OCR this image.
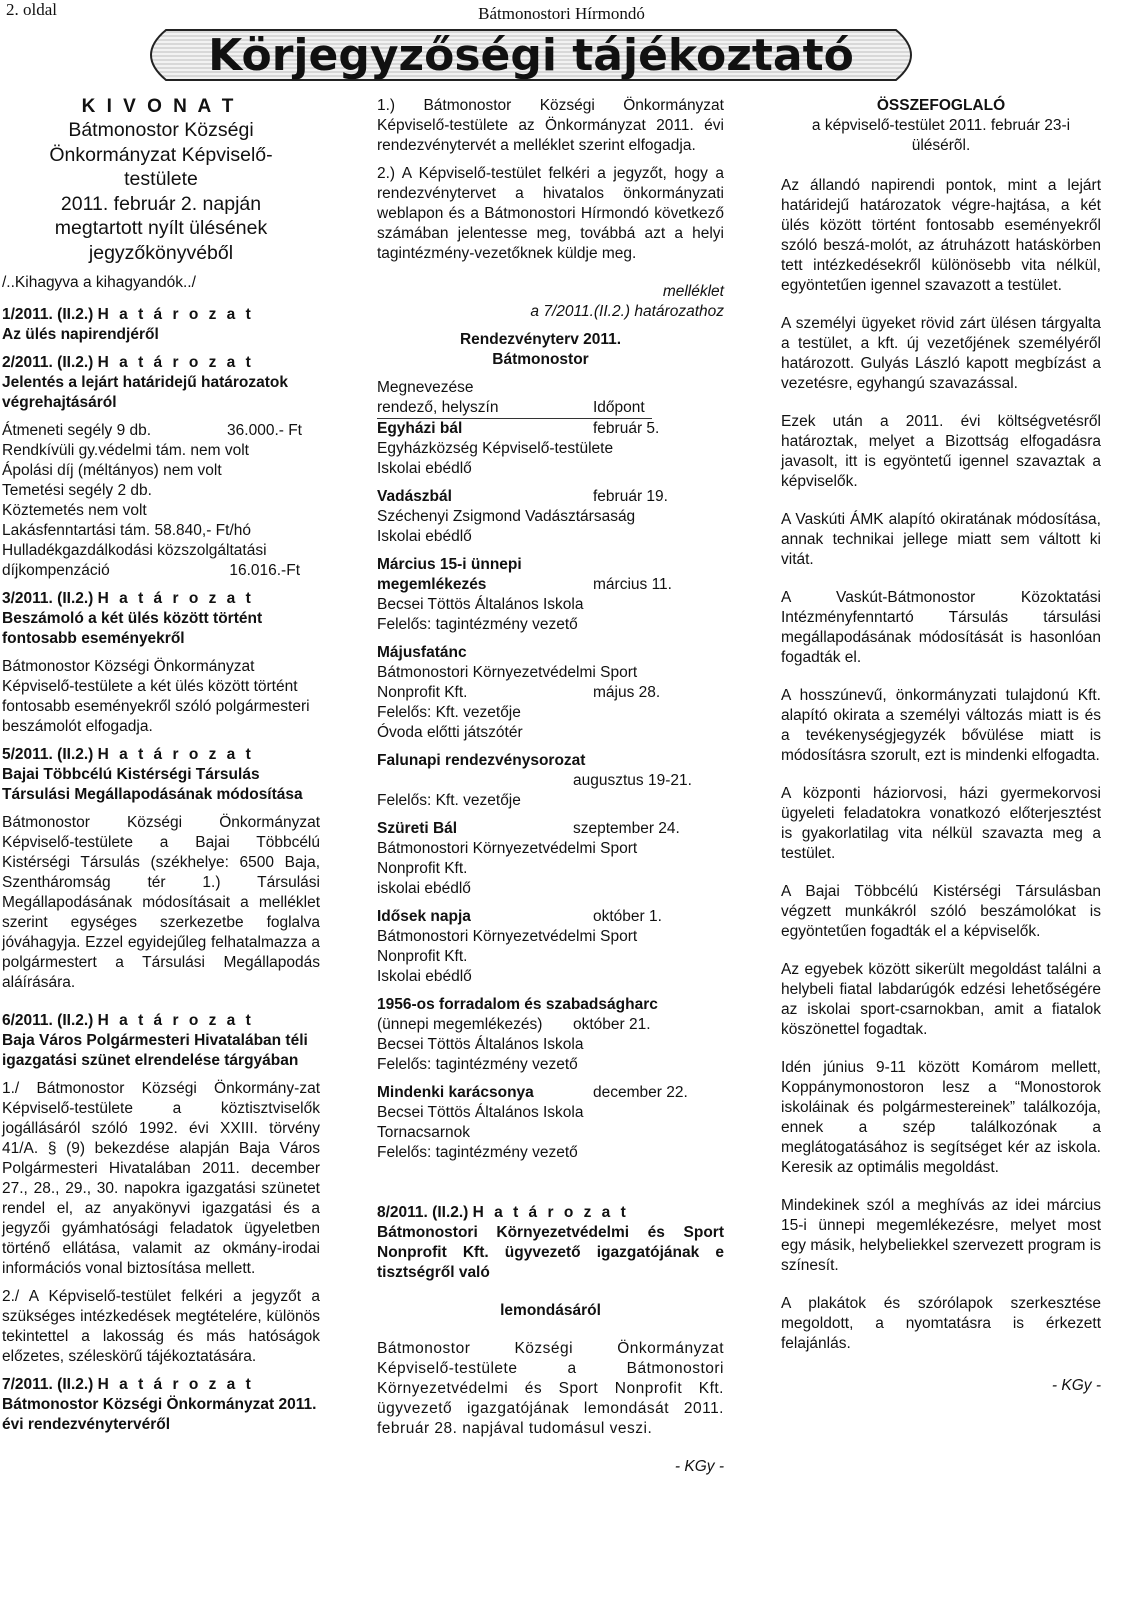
2. oldal	Bátmonostori Hírmondó
Körjegyzőségi tájékoztató

K I V O N A T

Bátmonostor Községi
Önkormányzat Képviselő-
testülete
2011. február 2. napján
megtartott nyílt ülésének
jegyzőkönyvéből

/..Kihagyva a kihagyandók../

1/2011. (II.2.) H a t á r o z a t
Az ülés napirendjéről
2/2011. (II.2.) H a t á r o z a t
Jelentés a lejárt határidejű határozatok végrehajtásáról
Átmeneti segély 9 db.	36.000.- Ft
Rendkívüli gy.védelmi tám. nem volt
Ápolási díj (méltányos) nem volt
Temetési segély 2 db.
Köztemetés nem volt
Lakásfenntartási tám. 58.840,- Ft/hó
Hulladékgazdálkodási közszolgáltatási
díjkompenzáció	16.016.-Ft
3/2011. (II.2.) H a t á r o z a t
Beszámoló a két ülés között történt fontosabb eseményekről

Bátmonostor Községi Önkormányzat Képviselő-testülete a két ülés között történt fontosabb eseményekről szóló polgármesteri beszámolót elfogadja.

5/2011. (II.2.) H a t á r o z a t
Bajai Többcélú Kistérségi Társulás Társulási Megállapodásának módosítása

Bátmonostor Községi Önkormányzat Képviselő-testülete a Bajai Többcélú Kistérségi Társulás (székhelye: 6500 Baja, Szentháromság tér 1.) Társulási Megállapodásának módosításait a melléklet szerint egységes szerkezetbe foglalva jóváhagyja. Ezzel egyidejűleg felhatalmazza a polgármestert a Társulási Megállapodás aláírására.

6/2011. (II.2.) H a t á r o z a t
Baja Város Polgármesteri Hivatalában téli igazgatási szünet elrendelése tárgyában

1./ Bátmonostor Községi Önkormány-zat Képviselő-testülete a köztisztviselők jogállásáról szóló 1992. évi XXIII. törvény 41/A. § (9) bekezdése alapján Baja Város Polgármesteri Hivatalában 2011. december 27., 28., 29., 30. napokra igazgatási szünetet rendel el, az anyakönyvi igazgatási és a jegyzői gyámhatósági feladatok ügyeletben történő ellátása, valamit az okmány-irodai információs vonal biztosítása mellett.

2./ A Képviselő-testület felkéri a jegyzőt a szükséges intézkedések megtételére, különös tekintettel a lakosság és más hatóságok előzetes, széleskörű tájékoztatására.

7/2011. (II.2.) H a t á r o z a t
Bátmonostor Községi Önkormányzat 2011. évi rendezvénytervéről

1.) Bátmonostor Községi Önkormányzat Képviselő-testülete az Önkormányzat 2011. évi rendezvénytervét a melléklet szerint elfogadja.

2.) A Képviselő-testület felkéri a jegyzőt, hogy a rendezvénytervet a hivatalos önkormányzati weblapon és a Bátmonostori Hírmondó következő számában jelentesse meg, továbbá azt a helyi tagintézmény-vezetőknek küldje meg.

melléklet

a 7/2011.(II.2.) határozathoz

Rendezvényterv 2011.

Bátmonostor

Megnevezése
rendező, helyszín	Időpont
Egyházi bál	február 5.
Egyházközség Képviselő-testülete
Iskolai ebédlő
Vadászbál	február 19.
Széchenyi Zsigmond Vadásztársaság
Iskolai ebédlő
Március 15-i ünnepi
megemlékezés	március 11.
Becsei Töttös Általános Iskola
Felelős: tagintézmény vezető
Májusfatánc
Bátmonostori Környezetvédelmi Sport
Nonprofit Kft.	május 28.
Felelős: Kft. vezetője
Óvoda előtti játszótér
Falunapi rendezvénysorozat
augusztus 19-21.
Felelős: Kft. vezetője
Szüreti Bál	szeptember 24.
Bátmonostori Környezetvédelmi Sport
Nonprofit Kft.
iskolai ebédlő
Idősek napja	október 1.
Bátmonostori Környezetvédelmi Sport
Nonprofit Kft.
Iskolai ebédlő
1956-os forradalom és szabadságharc
(ünnepi megemlékezés) október 21.
Becsei Töttös Általános Iskola
Felelős: tagintézmény vezető
Mindenki karácsonya	december 22.
Becsei Töttös Általános Iskola
Tornacsarnok
Felelős: tagintézmény vezető
8/2011. (II.2.) H a t á r o z a t
Bátmonostori Környezetvédelmi és Sport Nonprofit Kft. ügyvezető igazgatójának e tisztségről való

lemondásáról

Bátmonostor Községi Önkormányzat Képviselő-testülete a Bátmonostori Környezetvédelmi és Sport Nonprofit Kft. ügyvezető igazgatójának lemondását 2011. február 28. napjával tudomásul veszi.

- KGy -

ÖSSZEFOGLALÓ

a képviselő-testület 2011. február 23-i ülésérõl.

Az állandó napirendi pontok, mint a lejárt határidejű határozatok végre-hajtása, a két ülés között történt fontosabb eseményekről szóló beszá-molót, az átruházott hatáskörben tett intézkedésekről különösebb vita nélkül, egyöntetűen igennel szavazott a testület.

A személyi ügyeket rövid zárt ülésen tárgyalta a testület, a kft. új vezetőjének személyéről határozott. Gulyás László kapott megbízást a vezetésre, egyhangú szavazással.

Ezek után a 2011. évi költségvetésről határoztak, melyet a Bizottság elfogadásra javasolt, itt is egyöntetű igennel szavaztak a képviselők.

A Vaskúti ÁMK alapító okiratának módosítása, annak technikai jellege miatt sem váltott ki vitát.

A Vaskút-Bátmonostor Közoktatási Intézményfenntartó Társulás társulási megállapodásának módosítását is hasonlóan fogadták el.

A hosszúnevű, önkormányzati tulajdonú Kft. alapító okirata a személyi változás miatt is és a tevékenységjegyzék bővülése miatt is módosításra szorult, ezt is mindenki elfogadta.

A központi háziorvosi, házi gyermekorvosi ügyeleti feladatokra vonatkozó előterjesztést is gyakorlatilag vita nélkül szavazta meg a testület.

A Bajai Többcélú Kistérségi Társulásban végzett munkákról szóló beszámolókat is egyöntetűen fogadták el a képviselők.

Az egyebek között sikerült megoldást találni a helybeli fiatal labdarúgók edzési lehetőségére az iskolai sport-csarnokban, amit a fiatalok köszönettel fogadtak.

Idén június 9-11 között Komárom mellett, Koppánymonostoron lesz a “Monostorok iskoláinak és polgármestereinek” találkozója, ennek a szép találkozónak a meglátogatásához is segítséget kér az iskola. Keresik az optimális megoldást.

Mindekinek szól a meghívás az idei március 15-i ünnepi megemlékezésre, melyet most egy másik, helybeliekkel szervezett program is színesít.

A plakátok és szórólapok szerkesztése megoldott, a nyomtatásra is érkezett felajánlás.

- KGy -
